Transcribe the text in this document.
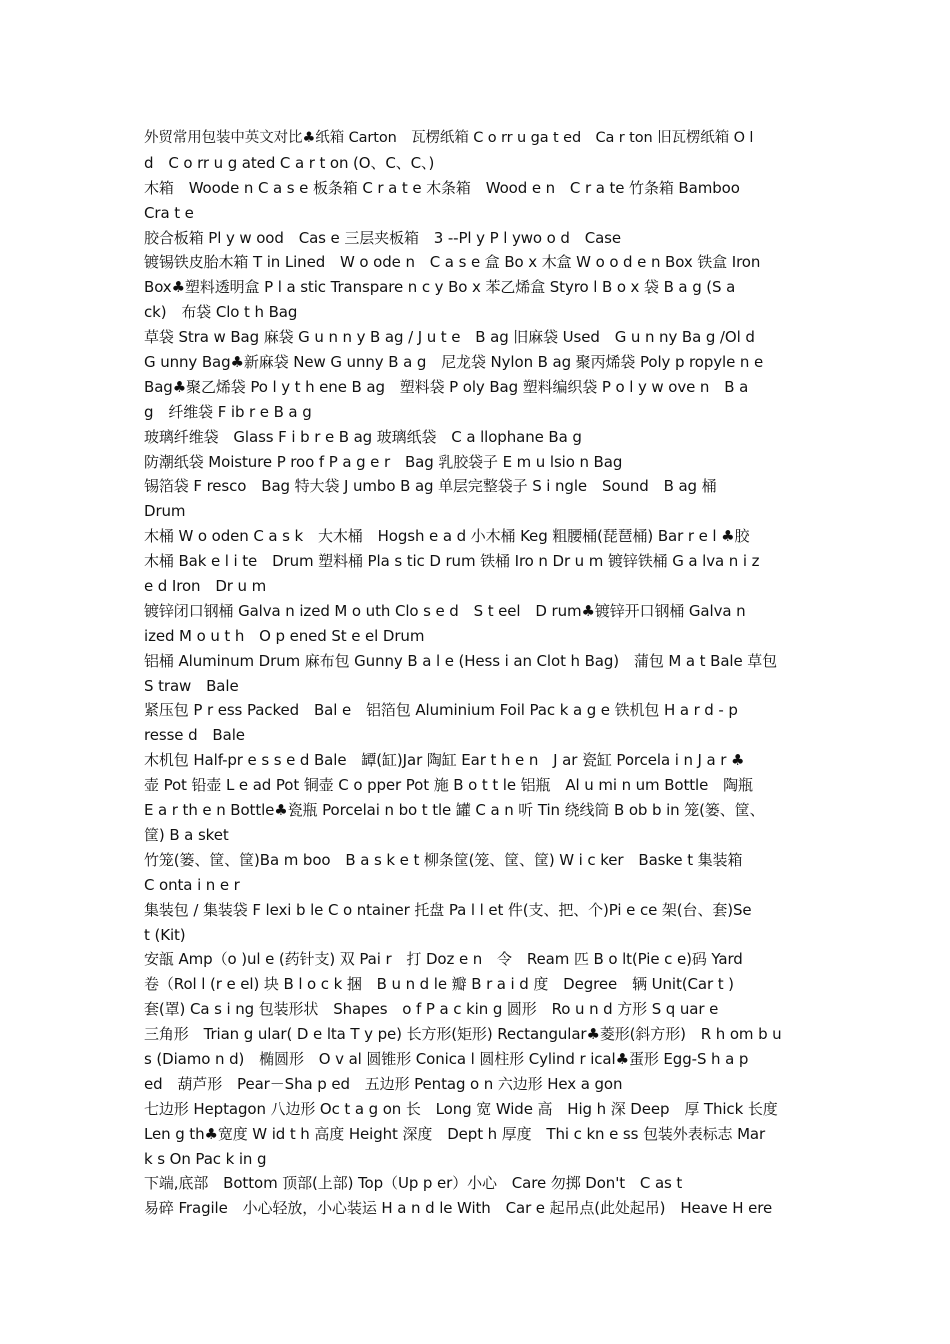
外贸常用包装中英文对比♣纸箱 Carton　瓦楞纸箱 C o rr u ga t ed　Ca r ton 旧瓦楞纸箱 O l
d　C o rr u g ated C a r t on (O、C、C、)
木箱　Woode n C a s e 板条箱 C r a t e 木条箱　Wood e n　C r a te 竹条箱 Bamboo
Cra t e
胶合板箱 Pl y w ood　Cas e 三层夹板箱　3 --Pl y P l ywo o d　Case
镀锡铁皮胎木箱 T in Lined　W o ode n　C a s e 盒 Bo x 木盒 W o o d e n Box 铁盒 Iron
Box♣塑料透明盒 P l a stic Transpare n c y Bo x 苯乙烯盒 Styro l B o x 袋 B a g (S a
ck)　布袋 Clo t h Bag
草袋 Stra w Bag 麻袋 G u n n y B ag / J u t e　B ag 旧麻袋 Used　G u n ny Ba g /Ol d
G unny Bag♣新麻袋 New G unny B a g　尼龙袋 Nylon B ag 聚丙烯袋 Poly p ropyle n e
Bag♣聚乙烯袋 Po l y t h ene B ag　塑料袋 P oly Bag 塑料编织袋 P o l y w ove n　B a
g　纤维袋 F ib r e B a g
玻璃纤维袋　Glass F i b r e B ag 玻璃纸袋　C a llophane Ba g
防潮纸袋 Moisture P roo f P a g e r　Bag 乳胶袋子 E m u lsio n Bag
锡箔袋 F resco　Bag 特大袋 J umbo B ag 单层完整袋子 S i ngle　Sound　B ag 桶
Drum
木桶 W o oden C a s k　大木桶　Hogsh e a d 小木桶 Keg 粗腰桶(琵琶桶) Bar r e l ♣胶
木桶 Bak e l i te　Drum 塑料桶 Pla s tic D rum 铁桶 Iro n Dr u m 镀锌铁桶 G a lva n i z
e d Iron　Dr u m
镀锌闭口钢桶 Galva n ized M o uth Clo s e d　S t eel　D rum♣镀锌开口钢桶 Galva n
ized M o u t h　O p ened St e el Drum
铝桶 Aluminum Drum 麻布包 Gunny B a l e (Hess i an Clot h Bag)　蒲包 M a t Bale 草包
S traw　Bale
紧压包 P r ess Packed　Bal e　铝箔包 Aluminium Foil Pac k a g e 铁机包 H a r d - p
resse d　Bale
木机包 Half-pr e s s e d Bale　罈(缸)Jar 陶缸 Ear t h e n　J ar 瓷缸 Porcela i n J a r ♣
壶 Pot 铅壶 L e ad Pot 铜壶 C o pper Pot 施 B o t t le 铝瓶　Al u mi n um Bottle　陶瓶
E a r th e n Bottle♣瓷瓶 Porcelai n bo t tle 罐 C a n 听 Tin 绕线筒 B ob b in 笼(篓、筐、
筐) B a sket
竹笼(篓、筐、筐)Ba m boo　B a s k e t 柳条筐(笼、筐、筐) W i c ker　Baske t 集装箱
C onta i n e r
集装包 / 集装袋 F lexi b le C o ntainer 托盘 Pa l l et 件(支、把、个)Pi e ce 架(台、套)Se
t (Kit)
安瓿 Amp（o )ul e (药针支) 双 Pai r　打 Doz e n　令　Ream 匹 B o lt(Pie c e)码 Yard
卷（Rol l (r e el) 块 B l o c k 捆　B u n d le 瓣 B r a i d 度　Degree　辆 Unit(Car t )
套(罩) Ca s i ng 包装形状　Shapes　o f P a c kin g 圆形　Ro u n d 方形 S q uar e
三角形　Trian g ular( D e lta T y pe) 长方形(矩形) Rectangular♣菱形(斜方形)　R h om b u
s (Diamo n d)　椭圆形　O v al 圆锥形 Conica l 圆柱形 Cylind r ical♣蛋形 Egg-S h a p
ed　葫芦形　Pear－Sha p ed　五边形 Pentag o n 六边形 Hex a gon
七边形 Heptagon 八边形 Oc t a g on 长　Long 宽 Wide 高　Hig h 深 Deep　厚 Thick 长度
Len g th♣宽度 W id t h 高度 Height 深度　Dept h 厚度　Thi c kn e ss 包装外表标志 Mar
k s On Pac k in g
下端,底部　Bottom 顶部(上部) Top（Up p er）小心　Care 勿掷 Don't　C as t
易碎 Fragile　小心轻放，小心装运 H a n d le With　Car e 起吊点(此处起吊)　Heave H ere
